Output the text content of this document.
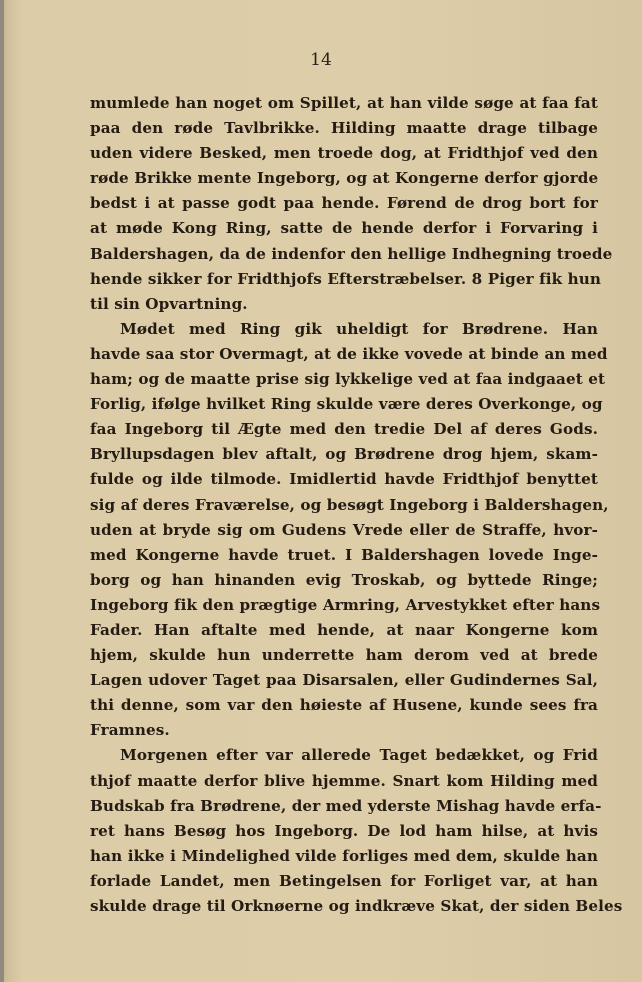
14
mumlede han noget om Spillet, at han vilde søge at faa fat
paa den røde Tavlbrikke. Hilding maatte drage tilbage
uden videre Besked, men troede dog, at Fridthjof ved den
røde Brikke mente Ingeborg, og at Kongerne derfor gjorde
bedst i at passe godt paa hende. Førend de drog bort for
at møde Kong Ring, satte de hende derfor i Forvaring i
Baldershagen, da de indenfor den hellige Indhegning troede
hende sikker for Fridthjofs Efterstræbelser. 8 Piger fik hun
til sin Opvartning.
Mødet med Ring gik uheldigt for Brødrene. Han
havde saa stor Overmagt, at de ikke vovede at binde an med
ham; og de maatte prise sig lykkelige ved at faa indgaaet et
Forlig, ifølge hvilket Ring skulde være deres Overkonge, og
faa Ingeborg til Ægte med den tredie Del af deres Gods.
Bryllupsdagen blev aftalt, og Brødrene drog hjem, skam-
fulde og ilde tilmode. Imidlertid havde Fridthjof benyttet
sig af deres Fraværelse, og besøgt Ingeborg i Baldershagen,
uden at bryde sig om Gudens Vrede eller de Straffe, hvor-
med Kongerne havde truet. I Baldershagen lovede Inge-
borg og han hinanden evig Troskab, og byttede Ringe;
Ingeborg fik den prægtige Armring, Arvestykket efter hans
Fader. Han aftalte med hende, at naar Kongerne kom
hjem, skulde hun underrette ham derom ved at brede
Lagen udover Taget paa Disarsalen, eller Gudindernes Sal,
thi denne, som var den høieste af Husene, kunde sees fra
Framnes.
Morgenen efter var allerede Taget bedækket, og Frid
thjof maatte derfor blive hjemme. Snart kom Hilding med
Budskab fra Brødrene, der med yderste Mishag havde erfa-
ret hans Besøg hos Ingeborg. De lod ham hilse, at hvis
han ikke i Mindelighed vilde forliges med dem, skulde han
forlade Landet, men Betingelsen for Forliget var, at han
skulde drage til Orknøerne og indkræve Skat, der siden Beles
